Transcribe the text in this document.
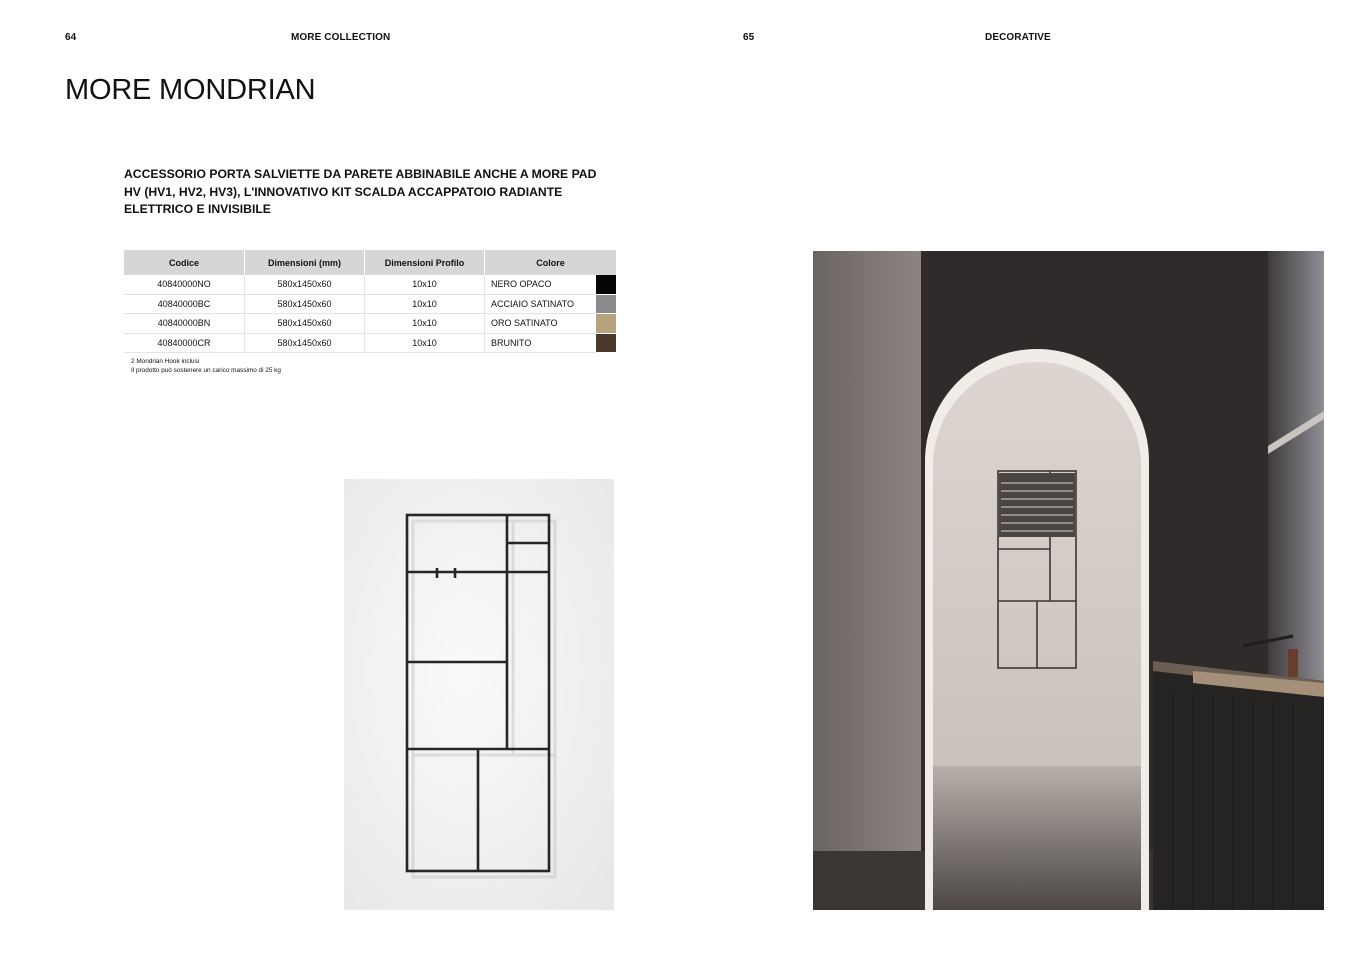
64	MORE COLLECTION	65	DECORATIVE
MORE MONDRIAN

ACCESSORIO PORTA SALVIETTE DA PARETE ABBINABILE ANCHE A MORE PAD HV (HV1, HV2, HV3), L'INNOVATIVO KIT SCALDA ACCAPPATOIO RADIANTE ELETTRICO E INVISIBILE

Codice	Dimensioni (mm)	Dimensioni Profilo	Colore	
40840000NO	580x1450x60	10x10	NERO OPACO	
40840000BC	580x1450x60	10x10	ACCIAIO SATINATO	
40840000BN	580x1450x60	10x10	ORO SATINATO	
40840000CR	580x1450x60	10x10	BRUNITO	
2 Mondrian Hook inclusi
Il prodotto può sostenere un carico massimo di 25 kg
